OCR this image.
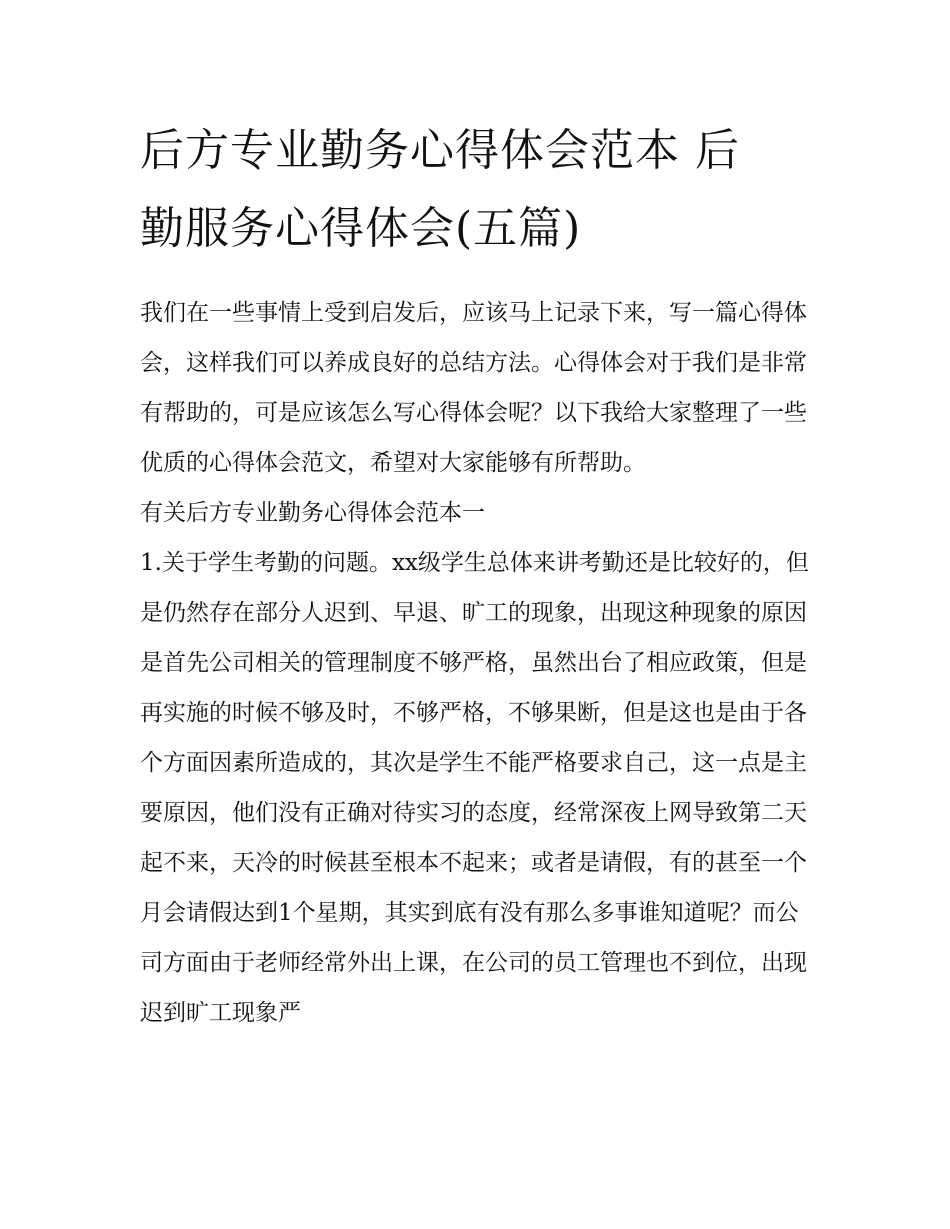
后方专业勤务心得体会范本 后
勤服务心得体会(五篇)

我们在一些事情上受到启发后，应该马上记录下来，写一篇心得体会，这样我们可以养成良好的总结方法。心得体会对于我们是非常有帮助的，可是应该怎么写心得体会呢？以下我给大家整理了一些优质的心得体会范文，希望对大家能够有所帮助。

有关后方专业勤务心得体会范本一

1.关于学生考勤的问题。xx级学生总体来讲考勤还是比较好的，但是仍然存在部分人迟到、早退、旷工的现象，出现这种现象的原因是首先公司相关的管理制度不够严格，虽然出台了相应政策，但是再实施的时候不够及时，不够严格，不够果断，但是这也是由于各个方面因素所造成的，其次是学生不能严格要求自己，这一点是主要原因，他们没有正确对待实习的态度，经常深夜上网导致第二天起不来，天冷的时候甚至根本不起来；或者是请假，有的甚至一个月会请假达到1个星期，其实到底有没有那么多事谁知道呢？而公司方面由于老师经常外出上课，在公司的员工管理也不到位，出现迟到旷工现象严
